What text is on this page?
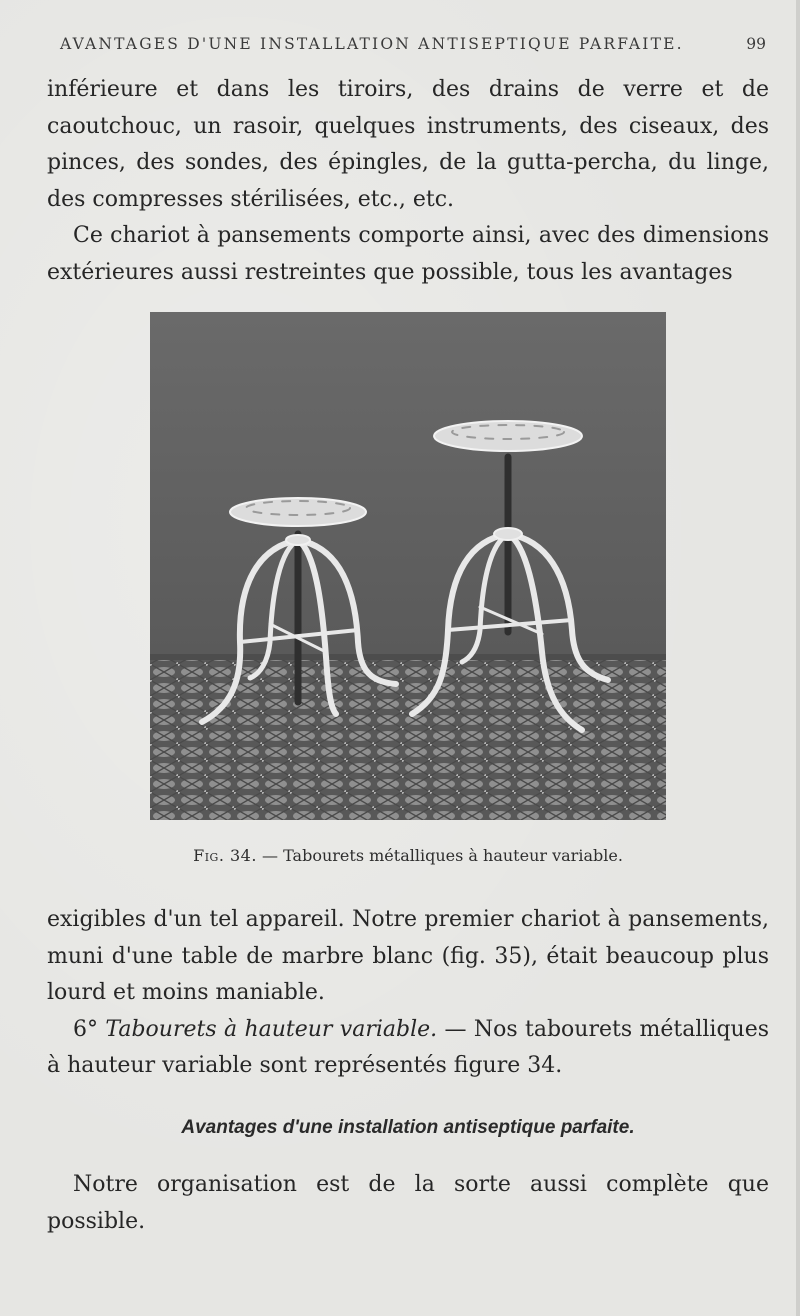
AVANTAGES D'UNE INSTALLATION ANTISEPTIQUE PARFAITE.	99

inférieure et dans les tiroirs, des drains de verre et de caoutchouc, un rasoir, quelques instruments, des ciseaux, des pinces, des sondes, des épingles, de la gutta-percha, du linge, des compresses stérilisées, etc., etc.

Ce chariot à pansements comporte ainsi, avec des dimensions extérieures aussi restreintes que possible, tous les avantages

Fig. 34. — Tabourets métalliques à hauteur variable.

exigibles d'un tel appareil. Notre premier chariot à pansements, muni d'une table de marbre blanc (fig. 35), était beaucoup plus lourd et moins maniable.

6° Tabourets à hauteur variable. — Nos tabourets métalliques à hauteur variable sont représentés figure 34.

Avantages d'une installation antiseptique parfaite.

Notre organisation est de la sorte aussi complète que possible.
